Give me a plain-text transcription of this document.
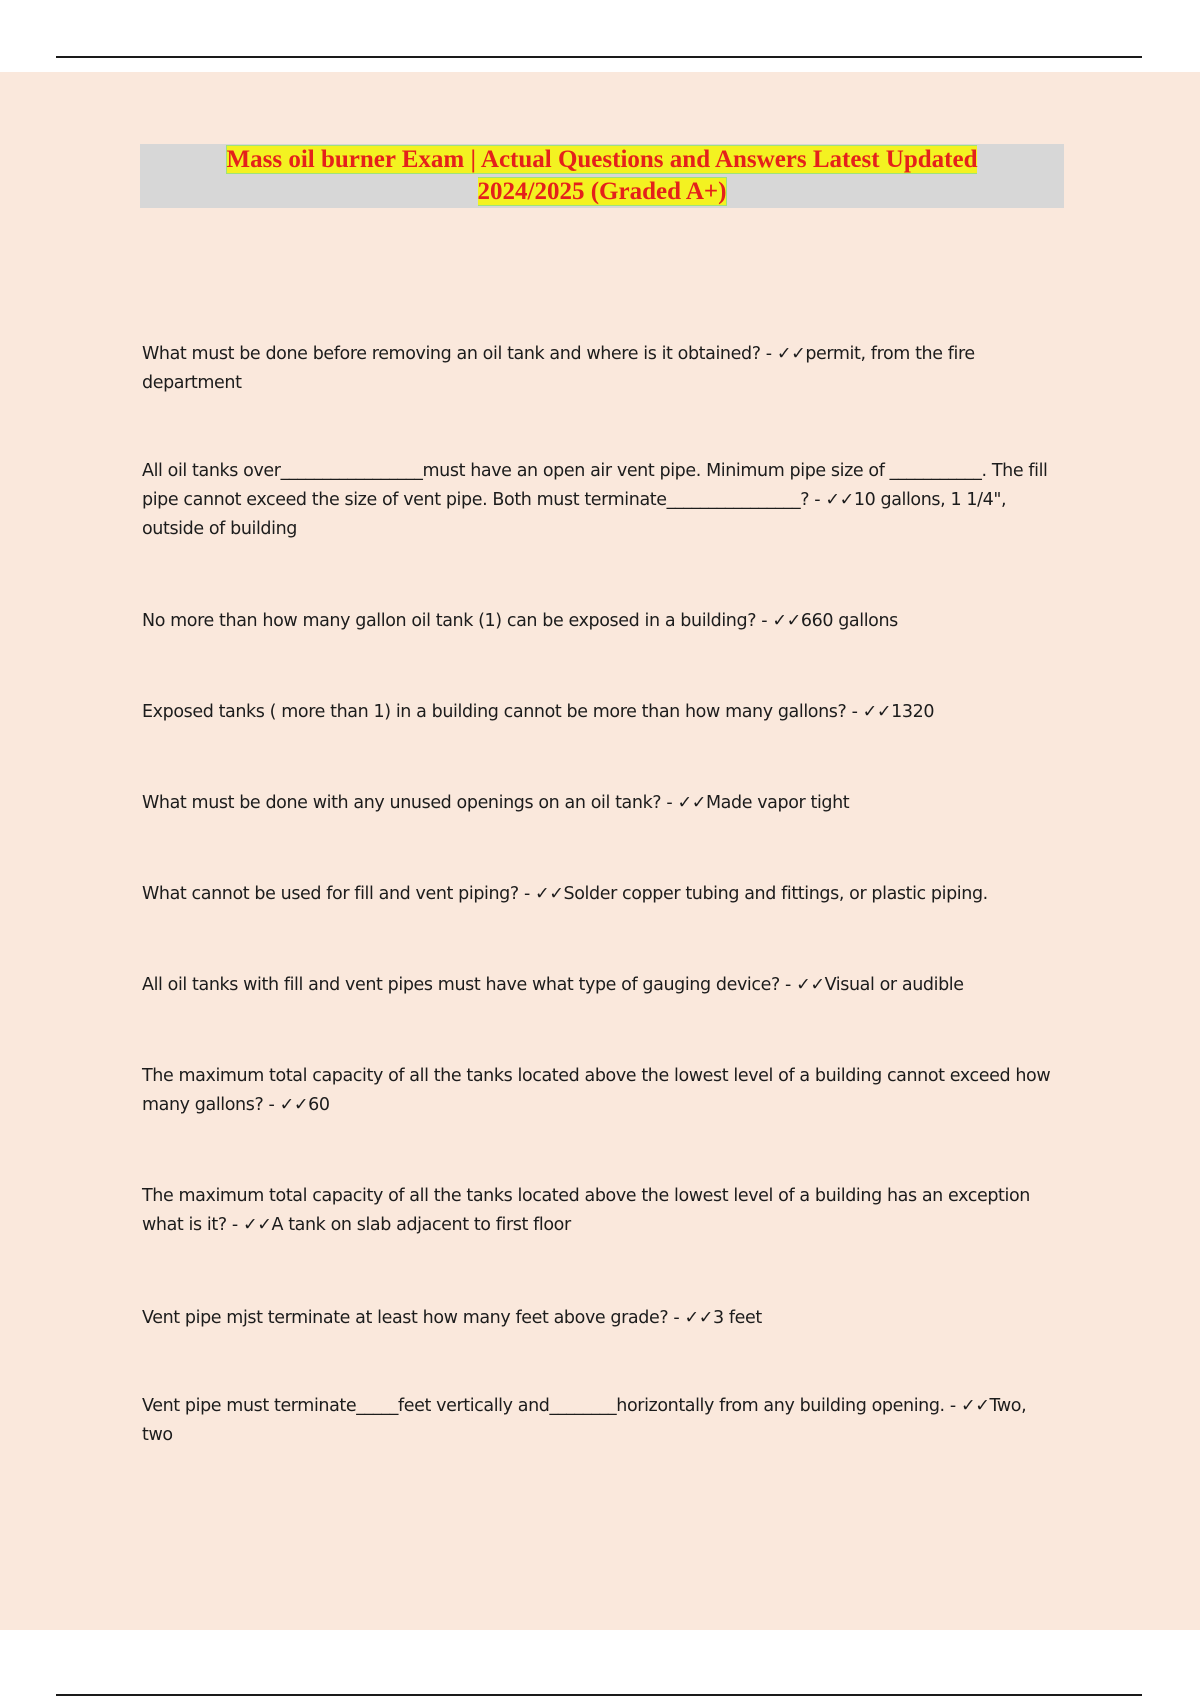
Mass oil burner Exam | Actual Questions and Answers Latest Updated 2024/2025 (Graded A+)

What must be done before removing an oil tank and where is it obtained? - ✓✓permit, from the fire department

All oil tanks over_________________must have an open air vent pipe. Minimum pipe size of ___________. The fill pipe cannot exceed the size of vent pipe. Both must terminate________________? - ✓✓10 gallons, 1 1/4", outside of building

No more than how many gallon oil tank (1) can be exposed in a building? - ✓✓660 gallons

Exposed tanks ( more than 1) in a building cannot be more than how many gallons? - ✓✓1320

What must be done with any unused openings on an oil tank? - ✓✓Made vapor tight

What cannot be used for fill and vent piping? - ✓✓Solder copper tubing and fittings, or plastic piping.

All oil tanks with fill and vent pipes must have what type of gauging device? - ✓✓Visual or audible

The maximum total capacity of all the tanks located above the lowest level of a building cannot exceed how many gallons? - ✓✓60

The maximum total capacity of all the tanks located above the lowest level of a building has an exception what is it? - ✓✓A tank on slab adjacent to first floor

Vent pipe mjst terminate at least how many feet above grade? - ✓✓3 feet

Vent pipe must terminate_____feet vertically and________horizontally from any building opening. - ✓✓Two, two
